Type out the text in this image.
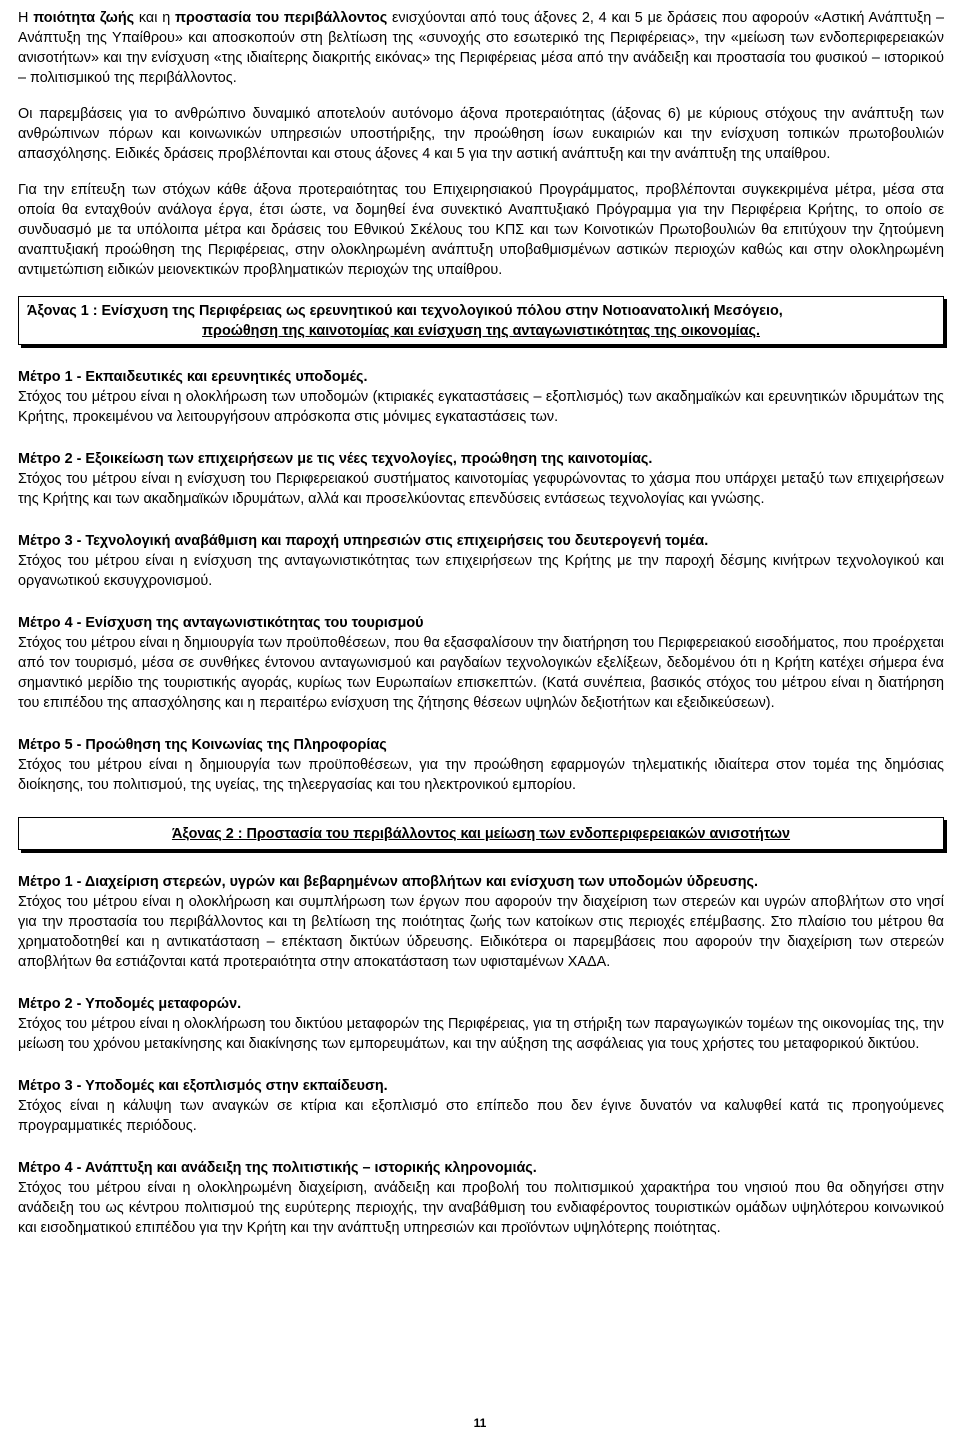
Η ποιότητα ζωής και η προστασία του περιβάλλοντος ενισχύονται από τους άξονες 2, 4 και 5 με δράσεις που αφορούν «Αστική Ανάπτυξη – Ανάπτυξη της Υπαίθρου» και αποσκοπούν στη βελτίωση της «συνοχής στο εσωτερικό της Περιφέρειας», την «μείωση των ενδοπεριφερειακών ανισοτήτων» και την ενίσχυση «της ιδιαίτερης διακριτής εικόνας» της Περιφέρειας μέσα από την ανάδειξη και προστασία του φυσικού – ιστορικού – πολιτισμικού της περιβάλλοντος.

Οι παρεμβάσεις για το ανθρώπινο δυναμικό αποτελούν αυτόνομο άξονα προτεραιότητας (άξονας 6) με κύριους στόχους την ανάπτυξη των ανθρώπινων πόρων και κοινωνικών υπηρεσιών υποστήριξης, την προώθηση ίσων ευκαιριών και την ενίσχυση τοπικών πρωτοβουλιών απασχόλησης. Ειδικές δράσεις προβλέπονται και στους άξονες 4 και 5 για την αστική ανάπτυξη και την ανάπτυξη της υπαίθρου.

Για την επίτευξη των στόχων κάθε άξονα προτεραιότητας του Επιχειρησιακού Προγράμματος, προβλέπονται συγκεκριμένα μέτρα, μέσα στα οποία θα ενταχθούν ανάλογα έργα, έτσι ώστε, να δομηθεί ένα συνεκτικό Αναπτυξιακό Πρόγραμμα για την Περιφέρεια Κρήτης, το οποίο σε συνδυασμό με τα υπόλοιπα μέτρα και δράσεις του Εθνικού Σκέλους του ΚΠΣ και των Κοινοτικών Πρωτοβουλιών θα επιτύχουν την ζητούμενη αναπτυξιακή προώθηση της Περιφέρειας, στην ολοκληρωμένη ανάπτυξη υποβαθμισμένων αστικών περιοχών καθώς και στην ολοκληρωμένη αντιμετώπιση ειδικών μειονεκτικών προβληματικών περιοχών της υπαίθρου.

Άξονας 1 : Ενίσχυση της Περιφέρειας ως ερευνητικού και τεχνολογικού πόλου στην Νοτιοανατολική Μεσόγειο,
προώθηση της καινοτομίας και ενίσχυση της ανταγωνιστικότητας της οικονομίας.
Μέτρο 1 - Εκπαιδευτικές και ερευνητικές υποδομές.
Στόχος του μέτρου είναι η ολοκλήρωση των υποδομών (κτιριακές εγκαταστάσεις – εξοπλισμός) των ακαδημαϊκών και ερευνητικών ιδρυμάτων της Κρήτης, προκειμένου να λειτουργήσουν απρόσκοπα στις μόνιμες εγκαταστάσεις των.
Μέτρο 2 - Εξοικείωση των επιχειρήσεων με τις νέες τεχνολογίες, προώθηση της καινοτομίας.
Στόχος του μέτρου είναι η ενίσχυση του Περιφερειακού συστήματος καινοτομίας γεφυρώνοντας το χάσμα που υπάρχει μεταξύ των επιχειρήσεων της Κρήτης και των ακαδημαϊκών ιδρυμάτων, αλλά και προσελκύοντας επενδύσεις εντάσεως τεχνολογίας και γνώσης.
Μέτρο 3 - Τεχνολογική αναβάθμιση και παροχή υπηρεσιών στις επιχειρήσεις του δευτερογενή τομέα.
Στόχος του μέτρου είναι η ενίσχυση της ανταγωνιστικότητας των επιχειρήσεων της Κρήτης με την παροχή δέσμης κινήτρων τεχνολογικού και οργανωτικού εκσυγχρονισμού.
Μέτρο 4 - Ενίσχυση της ανταγωνιστικότητας του τουρισμού
Στόχος του μέτρου είναι η δημιουργία των προϋποθέσεων, που θα εξασφαλίσουν την διατήρηση του Περιφερειακού εισοδήματος, που προέρχεται από τον τουρισμό, μέσα σε συνθήκες έντονου ανταγωνισμού και ραγδαίων τεχνολογικών εξελίξεων, δεδομένου ότι η Κρήτη κατέχει σήμερα ένα σημαντικό μερίδιο της τουριστικής αγοράς, κυρίως των Ευρωπαίων επισκεπτών. (Κατά συνέπεια, βασικός στόχος του μέτρου είναι η διατήρηση του επιπέδου της απασχόλησης και η περαιτέρω ενίσχυση της ζήτησης θέσεων υψηλών δεξιοτήτων και εξειδικεύσεων).
Μέτρο 5 - Προώθηση της Κοινωνίας της Πληροφορίας
Στόχος του μέτρου είναι η δημιουργία των προϋποθέσεων, για την προώθηση εφαρμογών τηλεματικής ιδιαίτερα στον τομέα της δημόσιας διοίκησης, του πολιτισμού, της υγείας, της τηλεεργασίας και του ηλεκτρονικού εμπορίου.
Άξονας 2 : Προστασία του περιβάλλοντος και μείωση των ενδοπεριφερειακών ανισοτήτων
Μέτρο 1 - Διαχείριση στερεών, υγρών και βεβαρημένων αποβλήτων και ενίσχυση των υποδομών ύδρευσης.
Στόχος του μέτρου είναι η ολοκλήρωση και συμπλήρωση των έργων που αφορούν την διαχείριση των στερεών και υγρών αποβλήτων στο νησί για την προστασία του περιβάλλοντος και τη βελτίωση της ποιότητας ζωής των κατοίκων στις περιοχές επέμβασης. Στο πλαίσιο του μέτρου θα χρηματοδοτηθεί και η αντικατάσταση – επέκταση δικτύων ύδρευσης. Ειδικότερα οι παρεμβάσεις που αφορούν την διαχείριση των στερεών αποβλήτων θα εστιάζονται κατά προτεραιότητα στην αποκατάσταση των υφισταμένων ΧΑΔΑ.
Μέτρο 2 - Υποδομές μεταφορών.
Στόχος του μέτρου είναι η ολοκλήρωση του δικτύου μεταφορών της Περιφέρειας, για τη στήριξη των παραγωγικών τομέων της οικονομίας της, την μείωση του χρόνου μετακίνησης και διακίνησης των εμπορευμάτων, και την αύξηση της ασφάλειας για τους χρήστες του μεταφορικού δικτύου.
Μέτρο 3 - Υποδομές και εξοπλισμός στην εκπαίδευση.
Στόχος είναι η κάλυψη των αναγκών σε κτίρια και εξοπλισμό στο επίπεδο που δεν έγινε δυνατόν να καλυφθεί κατά τις προηγούμενες προγραμματικές περιόδους.
Μέτρο 4 - Ανάπτυξη και ανάδειξη της πολιτιστικής – ιστορικής κληρονομιάς.
Στόχος του μέτρου είναι η ολοκληρωμένη διαχείριση, ανάδειξη και προβολή του πολιτισμικού χαρακτήρα του νησιού που θα οδηγήσει στην ανάδειξη του ως κέντρου πολιτισμού της ευρύτερης περιοχής, την αναβάθμιση του ενδιαφέροντος τουριστικών ομάδων υψηλότερου κοινωνικού και εισοδηματικού επιπέδου για την Κρήτη και την ανάπτυξη υπηρεσιών και προϊόντων υψηλότερης ποιότητας.
11
